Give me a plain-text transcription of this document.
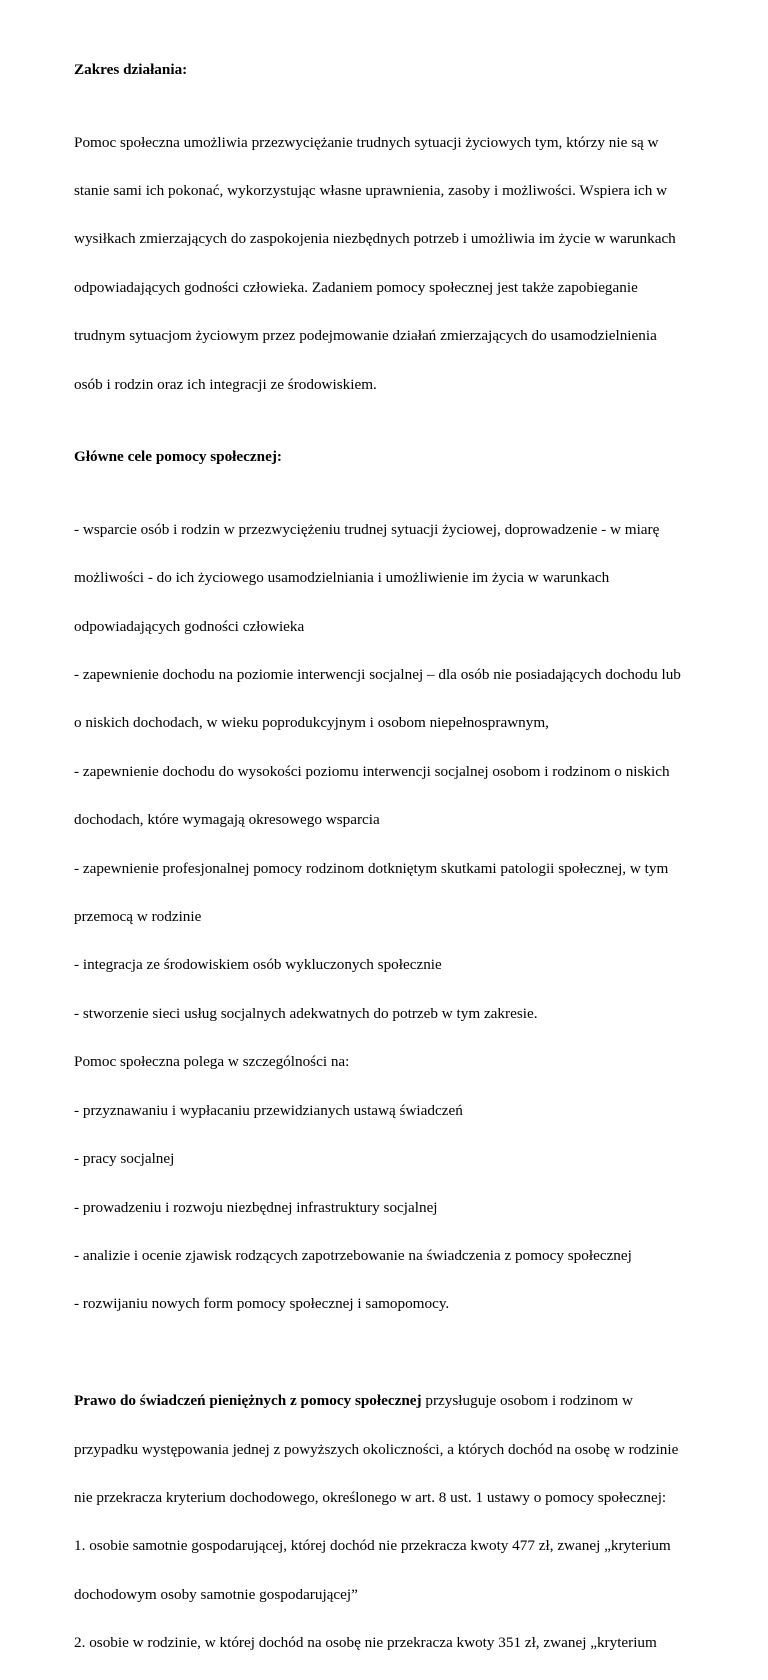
Zakres działania:

Pomoc społeczna umożliwia przezwyciężanie trudnych sytuacji życiowych tym, którzy nie są w

stanie sami ich pokonać, wykorzystując własne uprawnienia, zasoby i możliwości. Wspiera ich w

wysiłkach zmierzających do zaspokojenia niezbędnych potrzeb i umożliwia im życie w warunkach

odpowiadających godności człowieka. Zadaniem pomocy społecznej jest także zapobieganie

trudnym sytuacjom życiowym przez podejmowanie działań zmierzających do usamodzielnienia

osób i rodzin oraz ich integracji ze środowiskiem.

Główne cele pomocy społecznej:

- wsparcie osób i rodzin w przezwyciężeniu trudnej sytuacji życiowej, doprowadzenie - w miarę

możliwości - do ich życiowego usamodzielniania i umożliwienie im życia w warunkach

odpowiadających godności człowieka

- zapewnienie dochodu na poziomie interwencji socjalnej – dla osób nie posiadających dochodu lub

o niskich dochodach, w wieku poprodukcyjnym i osobom niepełnosprawnym,

- zapewnienie dochodu do wysokości poziomu interwencji socjalnej osobom i rodzinom o niskich

dochodach, które wymagają okresowego wsparcia

- zapewnienie profesjonalnej pomocy rodzinom dotkniętym skutkami patologii społecznej, w tym

przemocą w rodzinie

- integracja ze środowiskiem osób wykluczonych społecznie

- stworzenie sieci usług socjalnych adekwatnych do potrzeb w tym zakresie.

Pomoc społeczna polega w szczególności na:

- przyznawaniu i wypłacaniu przewidzianych ustawą świadczeń

- pracy socjalnej

- prowadzeniu i rozwoju niezbędnej infrastruktury socjalnej

- analizie i ocenie zjawisk rodzących zapotrzebowanie na świadczenia z pomocy społecznej

- rozwijaniu nowych form pomocy społecznej i samopomocy.

Prawo do świadczeń pieniężnych z pomocy społecznej przysługuje osobom i rodzinom w

przypadku występowania jednej z powyższych okoliczności, a których dochód na osobę w rodzinie

nie przekracza kryterium dochodowego, określonego w art. 8 ust. 1 ustawy o pomocy społecznej:

1. osobie samotnie gospodarującej, której dochód nie przekracza kwoty 477 zł, zwanej „kryterium

dochodowym osoby samotnie gospodarującej”

2. osobie w rodzinie, w której dochód na osobę nie przekracza kwoty 351 zł, zwanej „kryterium
